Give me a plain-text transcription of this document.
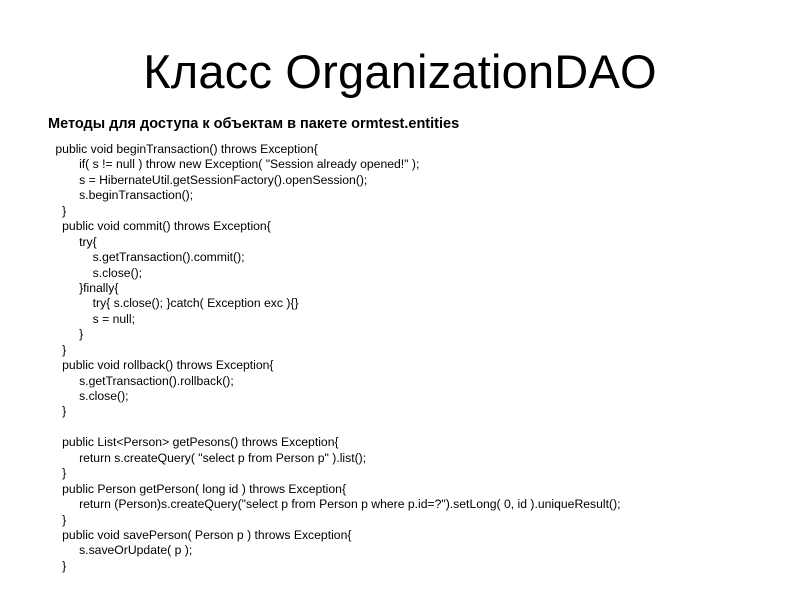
Класс OrganizationDAO

Методы для доступа к объектам в пакете ormtest.entities

public void beginTransaction() throws Exception{
if( s != null ) throw new Exception( "Session already opened!" );
s = HibernateUtil.getSessionFactory().openSession();
s.beginTransaction();
}
public void commit() throws Exception{
try{
s.getTransaction().commit();
s.close();
}finally{
try{ s.close(); }catch( Exception exc ){}
s = null;
}
}
public void rollback() throws Exception{
s.getTransaction().rollback();
s.close();
}
public List<Person> getPesons() throws Exception{
return s.createQuery( "select p from Person p" ).list();
}
public Person getPerson( long id ) throws Exception{
return (Person)s.createQuery("select p from Person p where p.id=?").setLong( 0, id ).uniqueResult();
}
public void savePerson( Person p ) throws Exception{
s.saveOrUpdate( p );
}
